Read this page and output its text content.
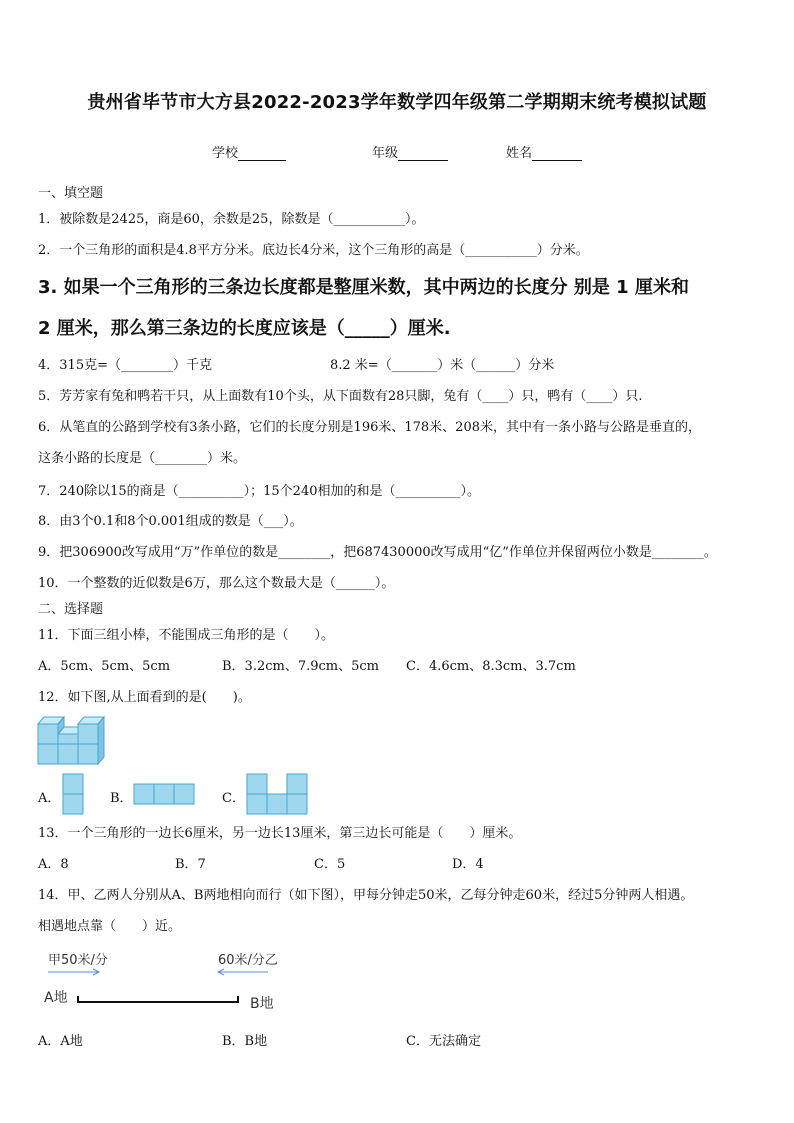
贵州省毕节市大方县2022-2023学年数学四年级第二学期期末统考模拟试题
学校	年级	姓名
一、填空题
1．被除数是2425，商是60，余数是25，除数是（___________）。
2．一个三角形的面积是4.8平方分米。底边长4分米，这个三角形的高是（___________）分米。
3. 如果一个三角形的三条边长度都是整厘米数，其中两边的长度分 别是 1 厘米和
2 厘米，那么第三条边的长度应该是（_____）厘米.
4．315克=（________）千克	8.2 米=（_______）米（______）分米
5．芳芳家有兔和鸭若干只，从上面数有10个头，从下面数有28只脚，兔有（____）只，鸭有（____）只.
6．从笔直的公路到学校有3条小路，它们的长度分别是196米、178米、208米，其中有一条小路与公路是垂直的，
这条小路的长度是（________）米。
7．240除以15的商是（__________）；15个240相加的和是（__________）。
8．由3个0.1和8个0.001组成的数是（___）。
9．把306900改写成用“万”作单位的数是________，把687430000改写成用“亿”作单位并保留两位小数是________。
10．一个整数的近似数是6万，那么这个数最大是（______）。
二、选择题
11．下面三组小棒，不能围成三角形的是（　　）。
A．5cm、5cm、5cm	B．3.2cm、7.9cm、5cm C．4.6cm、8.3cm、3.7cm
12．如下图,从上面看到的是(　　)。
A．	B．	C．
13．一个三角形的一边长6厘米，另一边长13厘米，第三边长可能是（　　）厘米。
A．8	B．7	C．5	D．4
14．甲、乙两人分别从A、B两地相向而行（如下图），甲每分钟走50米，乙每分钟走60米，经过5分钟两人相遇。
相遇地点靠（　　）近。
甲50米/分	60米/分乙
A地	B地
A．A地	B．B地	C．无法确定
